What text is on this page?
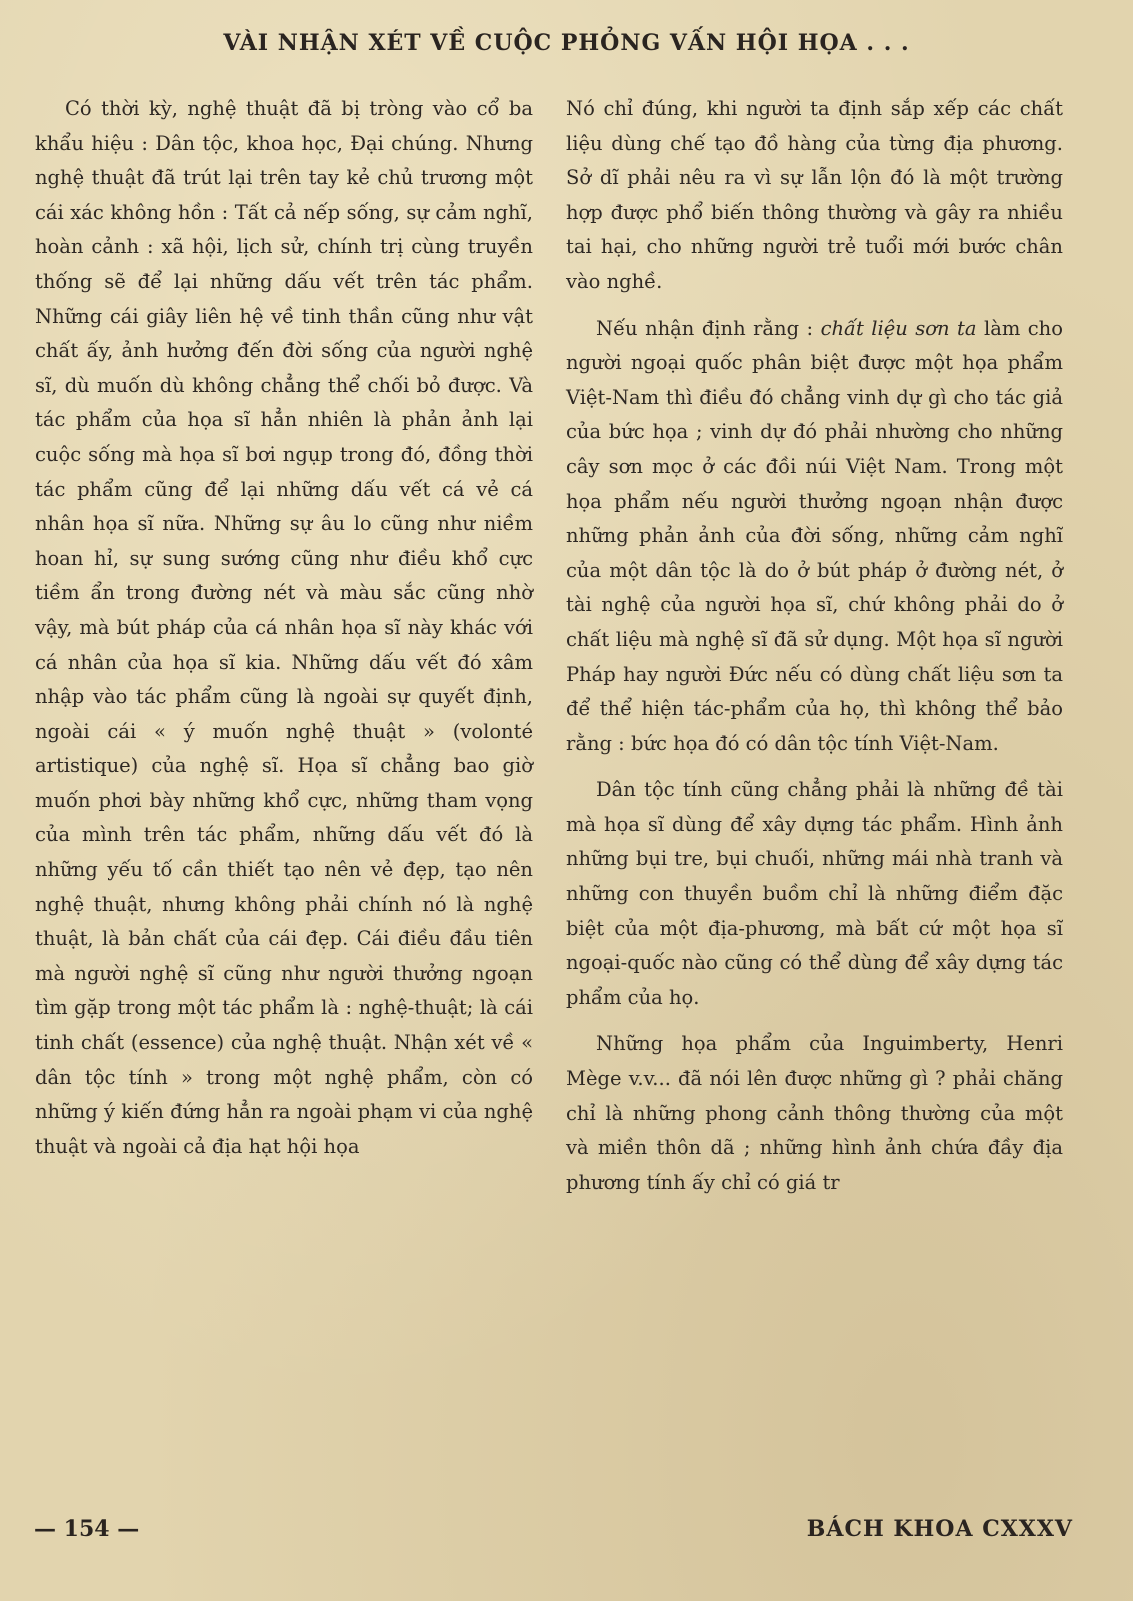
VÀI NHẬN XÉT VỀ CUỘC PHỎNG VẤN HỘI HỌA . . .

Có thời kỳ, nghệ thuật đã bị tròng vào cổ ba khẩu hiệu : Dân tộc, khoa học, Đại chúng. Nhưng nghệ thuật đã trút lại trên tay kẻ chủ trương một cái xác không hồn : Tất cả nếp sống, sự cảm nghĩ, hoàn cảnh : xã hội, lịch sử, chính trị cùng truyền thống sẽ để lại những dấu vết trên tác phẩm. Những cái giây liên hệ về tinh thần cũng như vật chất ấy, ảnh hưởng đến đời sống của người nghệ sĩ, dù muốn dù không chẳng thể chối bỏ được. Và tác phẩm của họa sĩ hẳn nhiên là phản ảnh lại cuộc sống mà họa sĩ bơi ngụp trong đó, đồng thời tác phẩm cũng để lại những dấu vết cá vẻ cá nhân họa sĩ nữa. Những sự âu lo cũng như niềm hoan hỉ, sự sung sướng cũng như điều khổ cực tiềm ẩn trong đường nét và màu sắc cũng nhờ vậy, mà bút pháp của cá nhân họa sĩ này khác với cá nhân của họa sĩ kia. Những dấu vết đó xâm nhập vào tác phẩm cũng là ngoài sự quyết định, ngoài cái « ý muốn nghệ thuật » (volonté artistique) của nghệ sĩ. Họa sĩ chẳng bao giờ muốn phơi bày những khổ cực, những tham vọng của mình trên tác phẩm, những dấu vết đó là những yếu tố cần thiết tạo nên vẻ đẹp, tạo nên nghệ thuật, nhưng không phải chính nó là nghệ thuật, là bản chất của cái đẹp. Cái điều đầu tiên mà người nghệ sĩ cũng như người thưởng ngoạn tìm gặp trong một tác phẩm là : nghệ-thuật; là cái tinh chất (essence) của nghệ thuật. Nhận xét về « dân tộc tính » trong một nghệ phẩm, còn có những ý kiến đứng hẳn ra ngoài phạm vi của nghệ thuật và ngoài cả địa hạt hội họa

Nó chỉ đúng, khi người ta định sắp xếp các chất liệu dùng chế tạo đồ hàng của từng địa phương. Sở dĩ phải nêu ra vì sự lẫn lộn đó là một trường hợp được phổ biến thông thường và gây ra nhiều tai hại, cho những người trẻ tuổi mới bước chân vào nghề.

Nếu nhận định rằng : chất liệu sơn ta làm cho người ngoại quốc phân biệt được một họa phẩm Việt-Nam thì điều đó chẳng vinh dự gì cho tác giả của bức họa ; vinh dự đó phải nhường cho những cây sơn mọc ở các đồi núi Việt Nam. Trong một họa phẩm nếu người thưởng ngoạn nhận được những phản ảnh của đời sống, những cảm nghĩ của một dân tộc là do ở bút pháp ở đường nét, ở tài nghệ của người họa sĩ, chứ không phải do ở chất liệu mà nghệ sĩ đã sử dụng. Một họa sĩ người Pháp hay người Đức nếu có dùng chất liệu sơn ta để thể hiện tác-phẩm của họ, thì không thể bảo rằng : bức họa đó có dân tộc tính Việt-Nam.

Dân tộc tính cũng chẳng phải là những đề tài mà họa sĩ dùng để xây dựng tác phẩm. Hình ảnh những bụi tre, bụi chuối, những mái nhà tranh và những con thuyền buồm chỉ là những điểm đặc biệt của một địa-phương, mà bất cứ một họa sĩ ngoại-quốc nào cũng có thể dùng để xây dựng tác phẩm của họ.

Những họa phẩm của Inguimberty, Henri Mège v.v... đã nói lên được những gì ? phải chăng chỉ là những phong cảnh thông thường của một và miền thôn dã ; những hình ảnh chứa đầy địa phương tính ấy chỉ có giá tr

— 154 —	BÁCH KHOA CXXXV
